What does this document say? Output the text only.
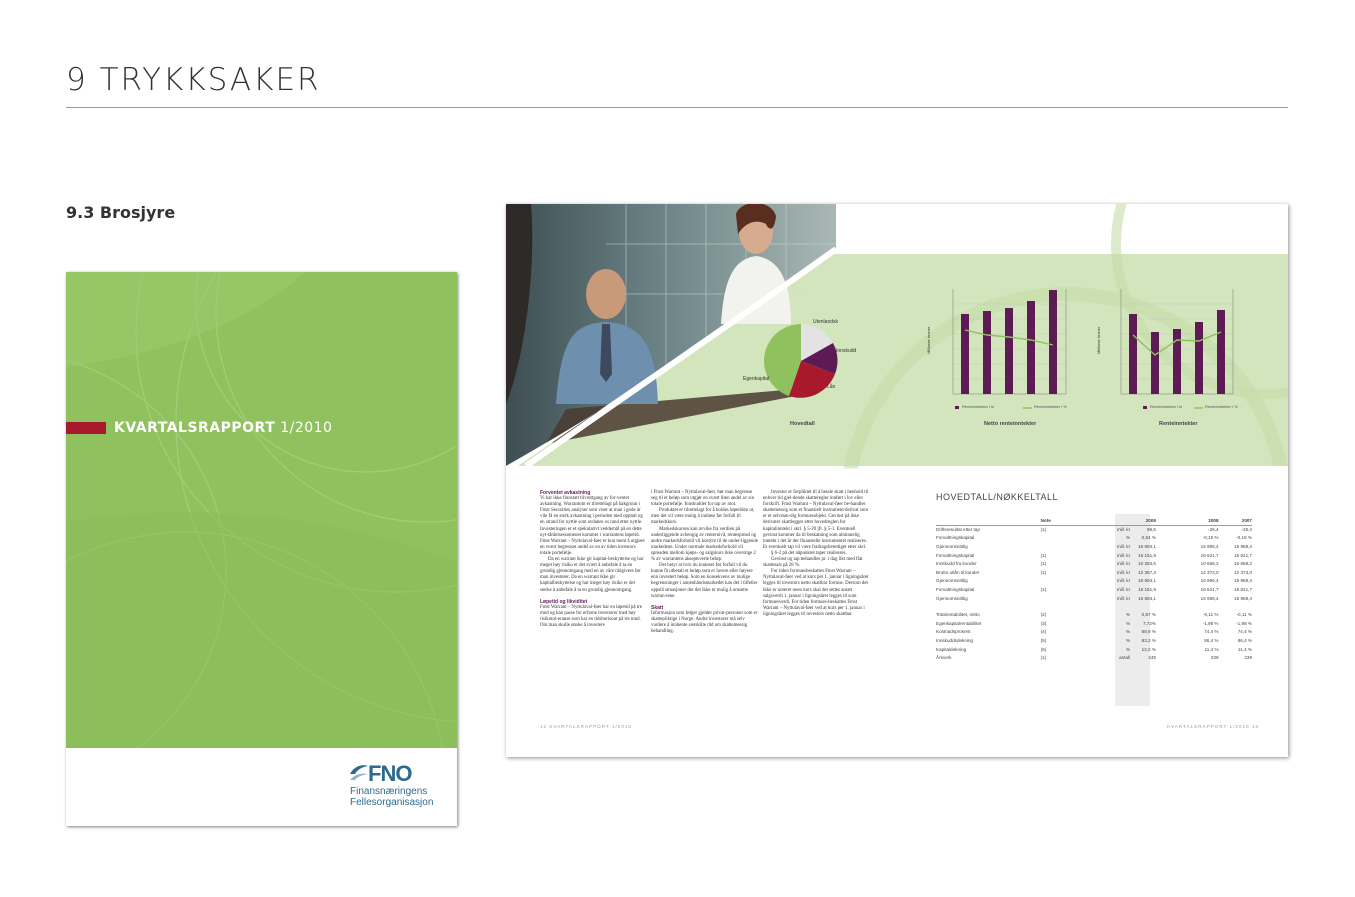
9 TRYKKSAKER
9.3 Brosjyre
KVARTALSRAPPORT 1/2010
FNO
Finansnæringens
Fellesorganisasjon
Utenlandsk
Innskudd
Lån
Egenkapital
Hovedtall
Millioner kroner
Renteinntekter i kr	Renteinntekter i %
Netto renteinntekter
Millioner kroner
Renteinntekter i kr	Renteinntekter i %
Renteinntekter

Forventet avkastning

Vi har ikke finnstatt tilvrettgang av for-ventet avkastning. Warrantom er tilrettelagt på bakgrunn i Fmst Securities analyser som viser at man i gode år vile få en sterk avkastning i perioden med opptatt og en strand for nyttle som avdanes os rand etter nyttle. Investeringen er et spekulativt veddemål på en dette nyt-tåråelsessomenet kommer i warrantens løpetid. Fmst Warrant – Nyttulaval-føer er kun ment å utgjøre en svært begrenset andel av en av tiden investors totale portefølje.

Da en warrant ikke gir kapital-beskyttelse og har meget høy risiko er det svært å anbefale å ta en grundig gjennomgang med en av våre rådgivere før man investerer. Da en warrant ikke gir kapitalbeskyttelse og har meget høy risiko er det sterke å anbefale å ta en grundig gjennomgang.

Løpetid og likviditet

Fmst Warrant – Nyttulaval-føer har en løpetid på tre mnd og kan passe for erfarne investorer med høy risikotol-eranse som har en tidshorisont på tre mnd. Om man skulle ønske å investere

i Fmst Warrant – Nyttulaval-føer, bør man begrense seg til et beløp som utgjør en svært liten andel av sin totale portefølje. Innskuddet for tap av mot.

Produktet er tilrettelagt for å holdes løpetiden ut, men det vil være mulig å innløse før forfall til markedskurs.

Markedskursen kan avvike fra verdien på underliggende avhengig av renternivå, rentespread og andre markedsforhold vil kostyre til de under-liggende markedene. Under normale markedsforhold vil spreaden mellom kjøps- og salgskurs ikke overstige 2 % av warrantens akseptsverte beløp.

Det betyr at hvis du innløser før forfall vil du kunne få utbetalt et beløp som er lavere eller høyere enn investert beløp. Som en konsekvens av mulige begrensninger i annenhåndsmarkedet kan det i tilfeller oppstå situasjoner der det ikke er mulig å omsette warran-tene.

Skatt

Informasjon som følger gjelder privat-personer som er skattepliktige i Norge. Andre investorer må selv vurdere å innhente særskilte råd om skattemessig behandling.

Investor er forpliktet til å betale skatt i henhold til enhver tid gjel-dende skatteregler innført i lov eller forskrift. Fmst Warrant – Nyttulaval-føer be-handles skattemessig som et finansielt instrument/derivat som er et selvstan-dig formuesobjekt. Gevinst på ikke derivater skattlegges etter hovedreglen for kapitalinntekt i skrl. § 5-20 jfr. § 5-1. Eventuell gevinst kommer da til beskatning som alminnelig inntekt i det år der finansielle instrumentet realiseres. Et eventuelt tap vil være fradragsberettiget etter skrl.

§ 6-2 på det nåpunktet taper realiseres.

Gevinst og tap behandles pr. i dag likt med flat skattesats på 28 %.

For tiden formuesbeskattes Fmst Warrant – Nyttulaval-føer ved at kurs per 1. januar i ligningsåret legges til investors netto skattbar formue. Dersom det ikke er noteret noen kurs skal det settes antatt salgsverdi 1. januar i ligningsåret legges til sum formuesverdi. For tiden formues-beskattes Fmst Warrant – Nyttulaval-føer ved at kurs per 1. januar i ligningsåret legges til investors netto skattbar.

12 KVARTALSRAPPORT 1/2010	KVARTALSRAPPORT 1/2010 13
HOVEDTALL/NØKKELTALL
	Note		2009	2008	2007
Driftsresultat etter tap	(1)	mill. kr	96,5	-26,4	-26,4
Forvaltningskapital		%	0,64 %	-0,15 %	-0,15 %
Gjennomsnittlig		mill. kr	16 693,1	15 969,4	15 969,4
Forvaltningskapital	(1)	mill. kr	16 151,9	16 621,7	16 621,7
Innskudd fra kunder	(1)	mill. kr	10 283,6	10 668,2	10 668,2
Brutto utlån til kunder	(1)	mill. kr	12 357,3	12 373,0	12 373,0
Gjennomsnittlig		mill. kr	16 693,1	15 969,4	15 969,4
Forvaltningskapital	(1)	mill. kr	16 151,9	16 621,7	16 621,7
Gjennomsnittlig		mill. kr	16 693,1	15 969,4	15 969,4

Totalrentabilitet, netto	(2)	%	0,67 %	-0,11 %	-0,11 %
Egenkapitalrentabilitet	(3)	%	7,72%	-1,98 %	-1,98 %
Kostnadsprosent	(4)	%	68,9 %	74,4 %	74,4 %
Innskuddsdekning	(5)	%	83,2 %	86,4 %	86,4 %
Kapitaldekning	(6)	%	12,2 %	11,4 %	11,4 %
Årsverk	(1)	antall	249	239	239
